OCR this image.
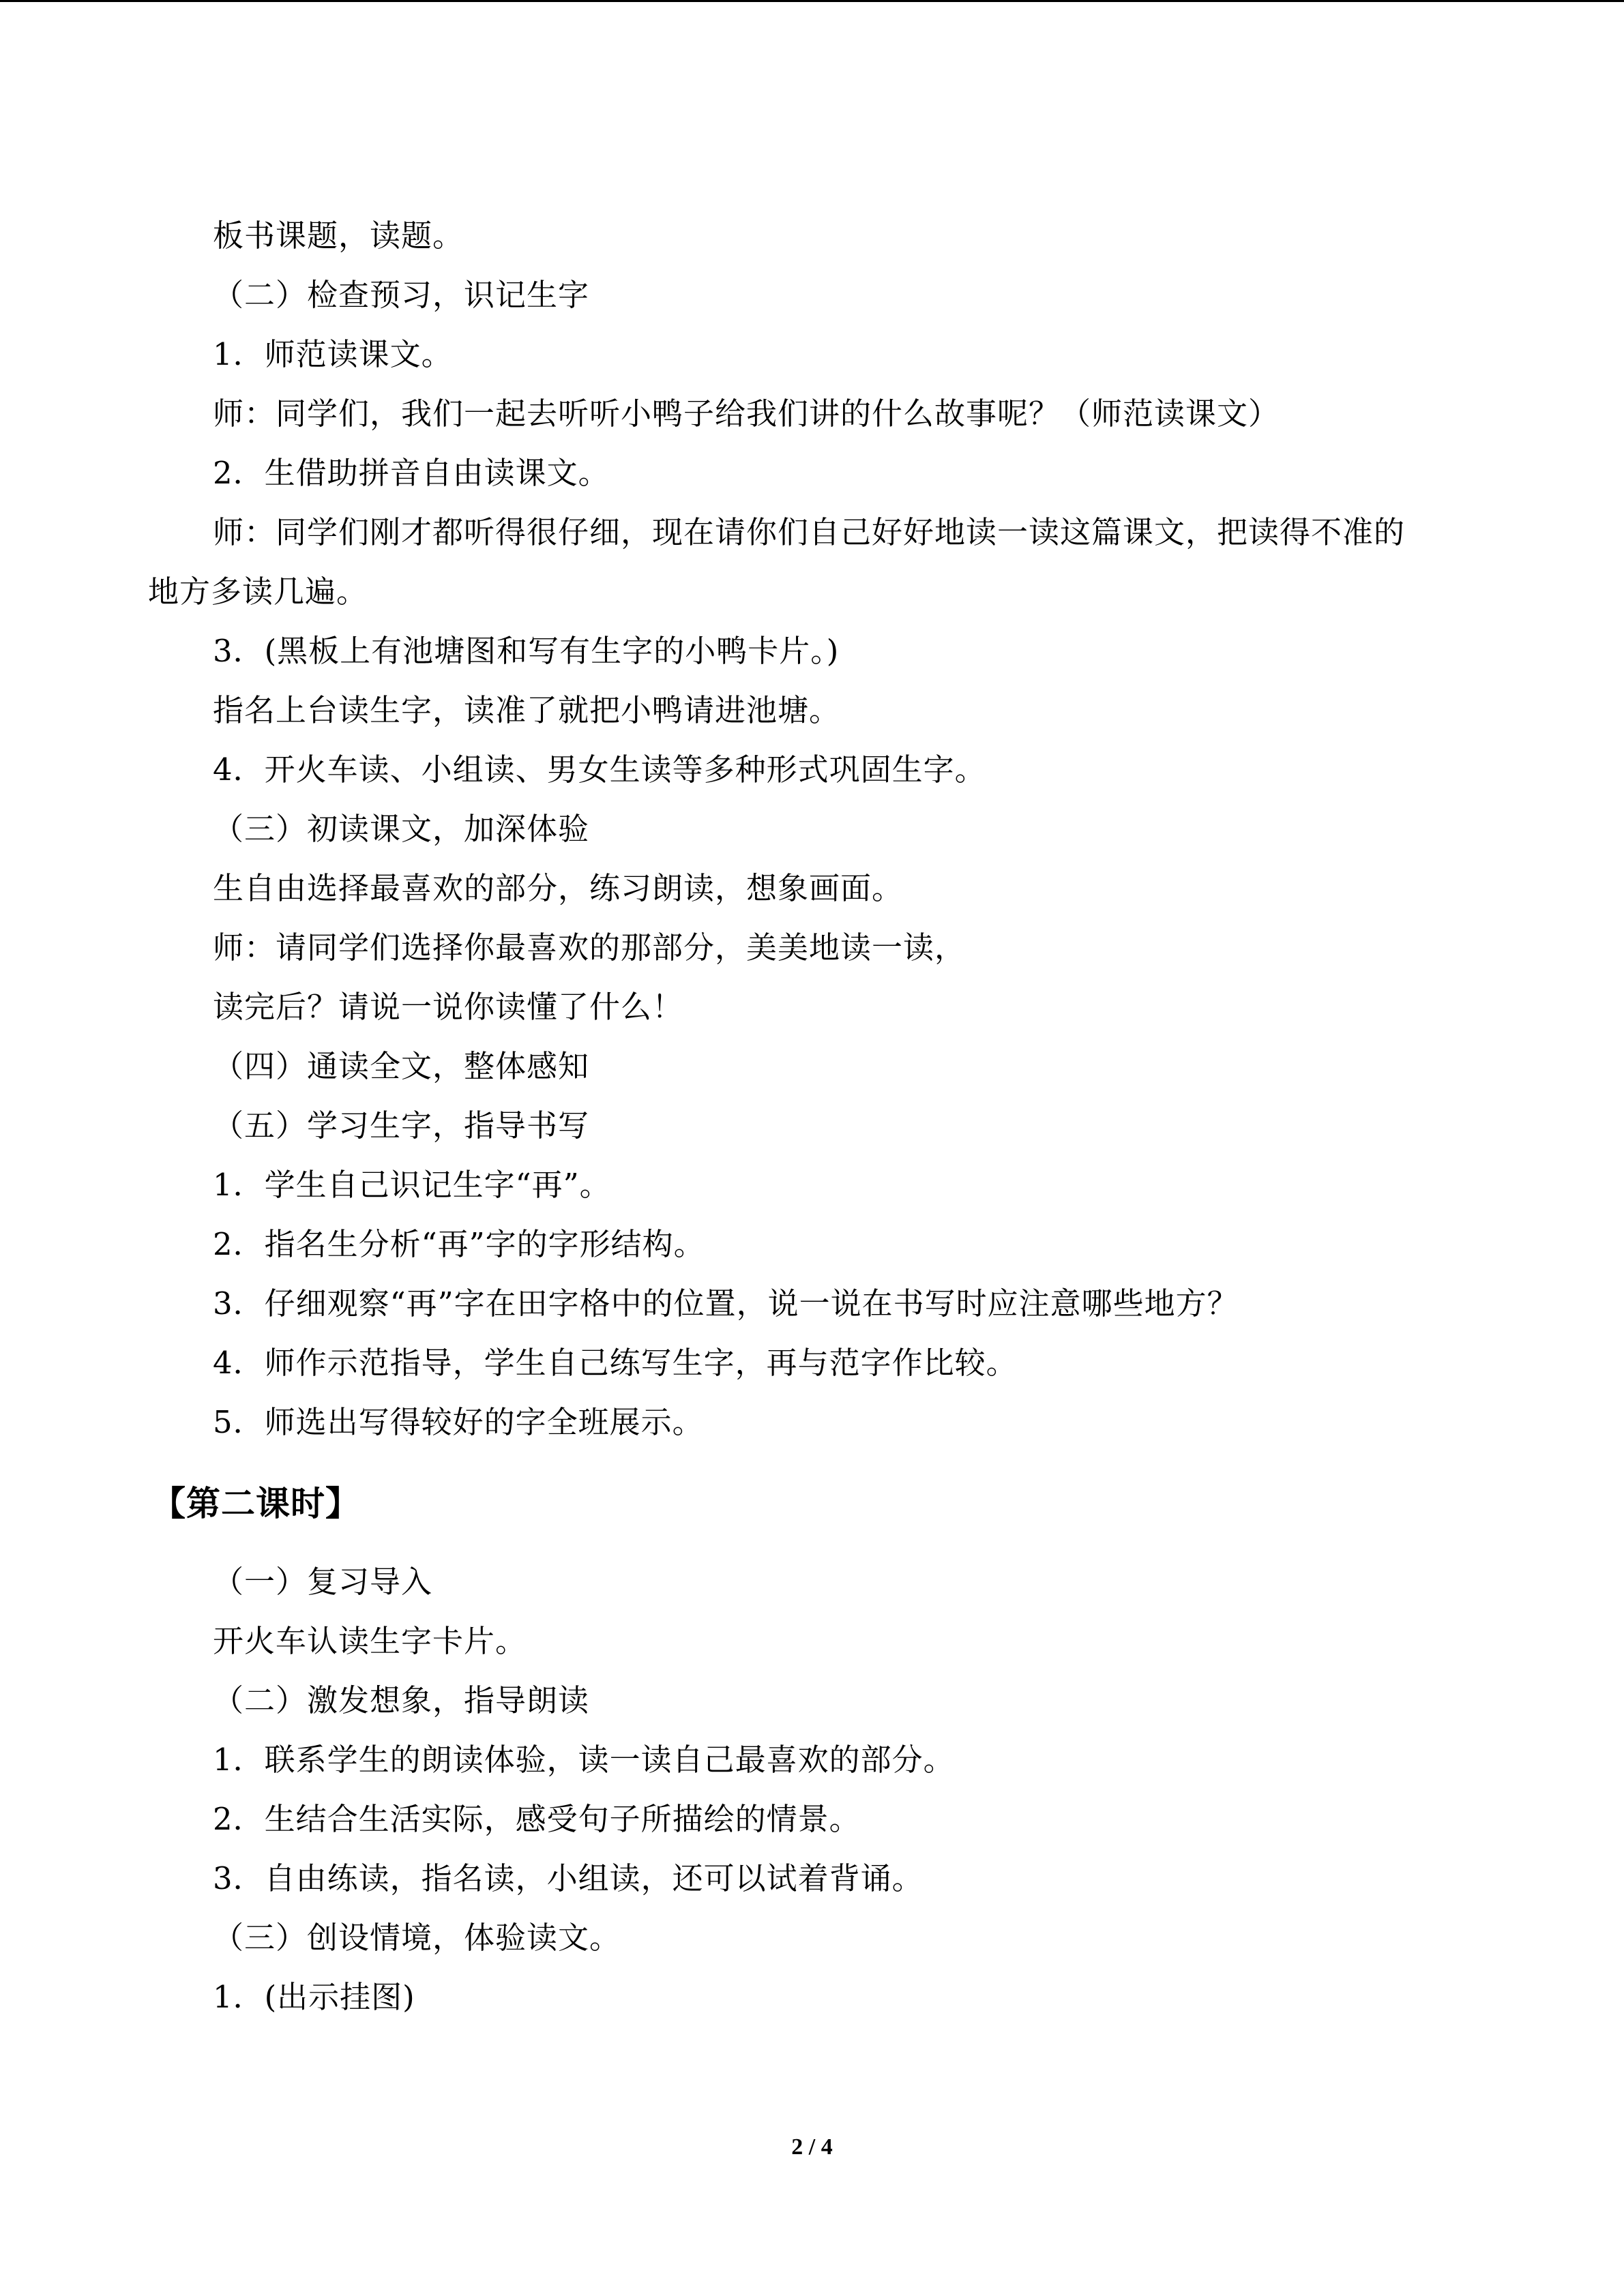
板书课题，读题。

（二）检查预习，识记生字

1．师范读课文。

师：同学们，我们一起去听听小鸭子给我们讲的什么故事呢？（师范读课文）

2．生借助拼音自由读课文。

师：同学们刚才都听得很仔细，现在请你们自己好好地读一读这篇课文，把读得不准的

地方多读几遍。

3．(黑板上有池塘图和写有生字的小鸭卡片。)

指名上台读生字，读准了就把小鸭请进池塘。

4．开火车读、小组读、男女生读等多种形式巩固生字。

（三）初读课文，加深体验

生自由选择最喜欢的部分，练习朗读，想象画面。

师：请同学们选择你最喜欢的那部分，美美地读一读，

读完后？请说一说你读懂了什么！

（四）通读全文，整体感知

（五）学习生字，指导书写

1．学生自己识记生字“再”。

2．指名生分析“再”字的字形结构。

3．仔细观察“再”字在田字格中的位置，说一说在书写时应注意哪些地方？

4．师作示范指导，学生自己练写生字，再与范字作比较。

5．师选出写得较好的字全班展示。

【第二课时】

（一）复习导入

开火车认读生字卡片。

（二）激发想象，指导朗读

1．联系学生的朗读体验，读一读自己最喜欢的部分。

2．生结合生活实际，感受句子所描绘的情景。

3．自由练读，指名读，小组读，还可以试着背诵。

（三）创设情境，体验读文。

1．(出示挂图)

2 / 4
